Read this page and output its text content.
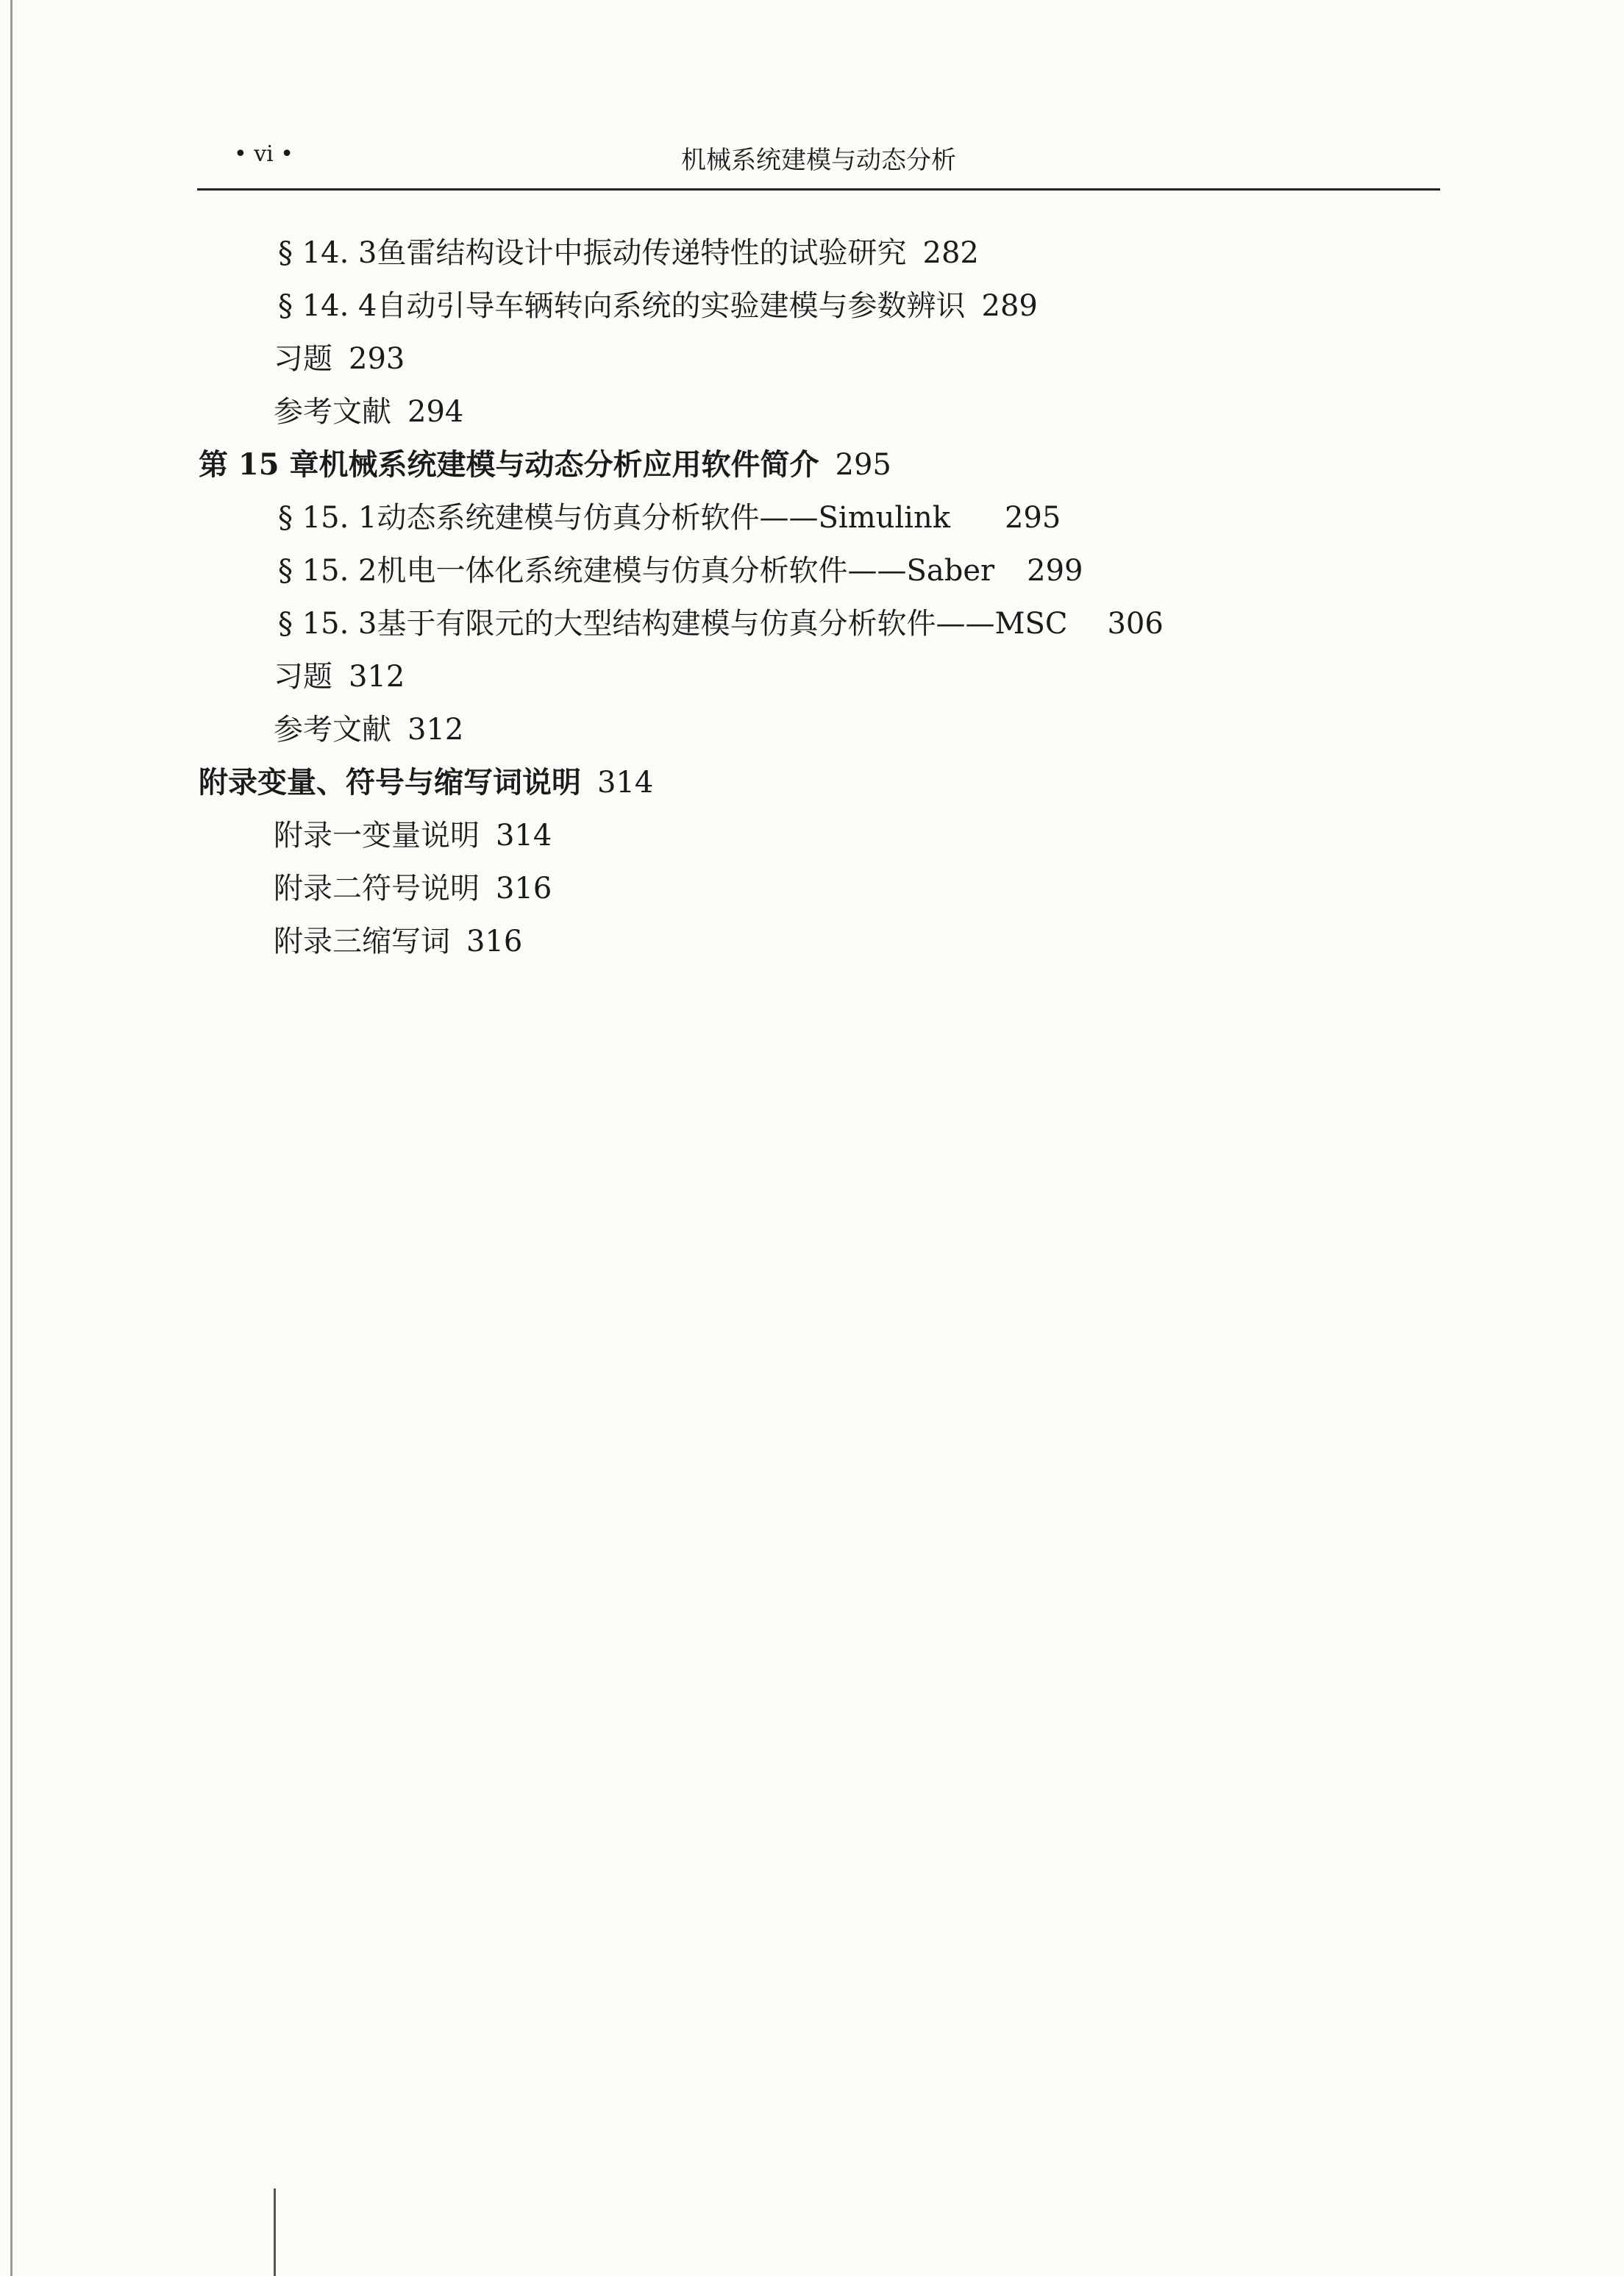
• vi •	机械系统建模与动态分析
§ 14. 3 鱼雷结构设计中振动传递特性的试验研究 282
§ 14. 4 自动引导车辆转向系统的实验建模与参数辨识 289
习题 293
参考文献 294
第 15 章 机械系统建模与动态分析应用软件简介 295
§ 15. 1 动态系统建模与仿真分析软件——Simulink 295
§ 15. 2 机电一体化系统建模与仿真分析软件——Saber 299
§ 15. 3 基于有限元的大型结构建模与仿真分析软件——MSC 306
习题 312
参考文献 312
附录 变量、符号与缩写词说明 314
附录一 变量说明 314
附录二 符号说明 316
附录三 缩写词 316
